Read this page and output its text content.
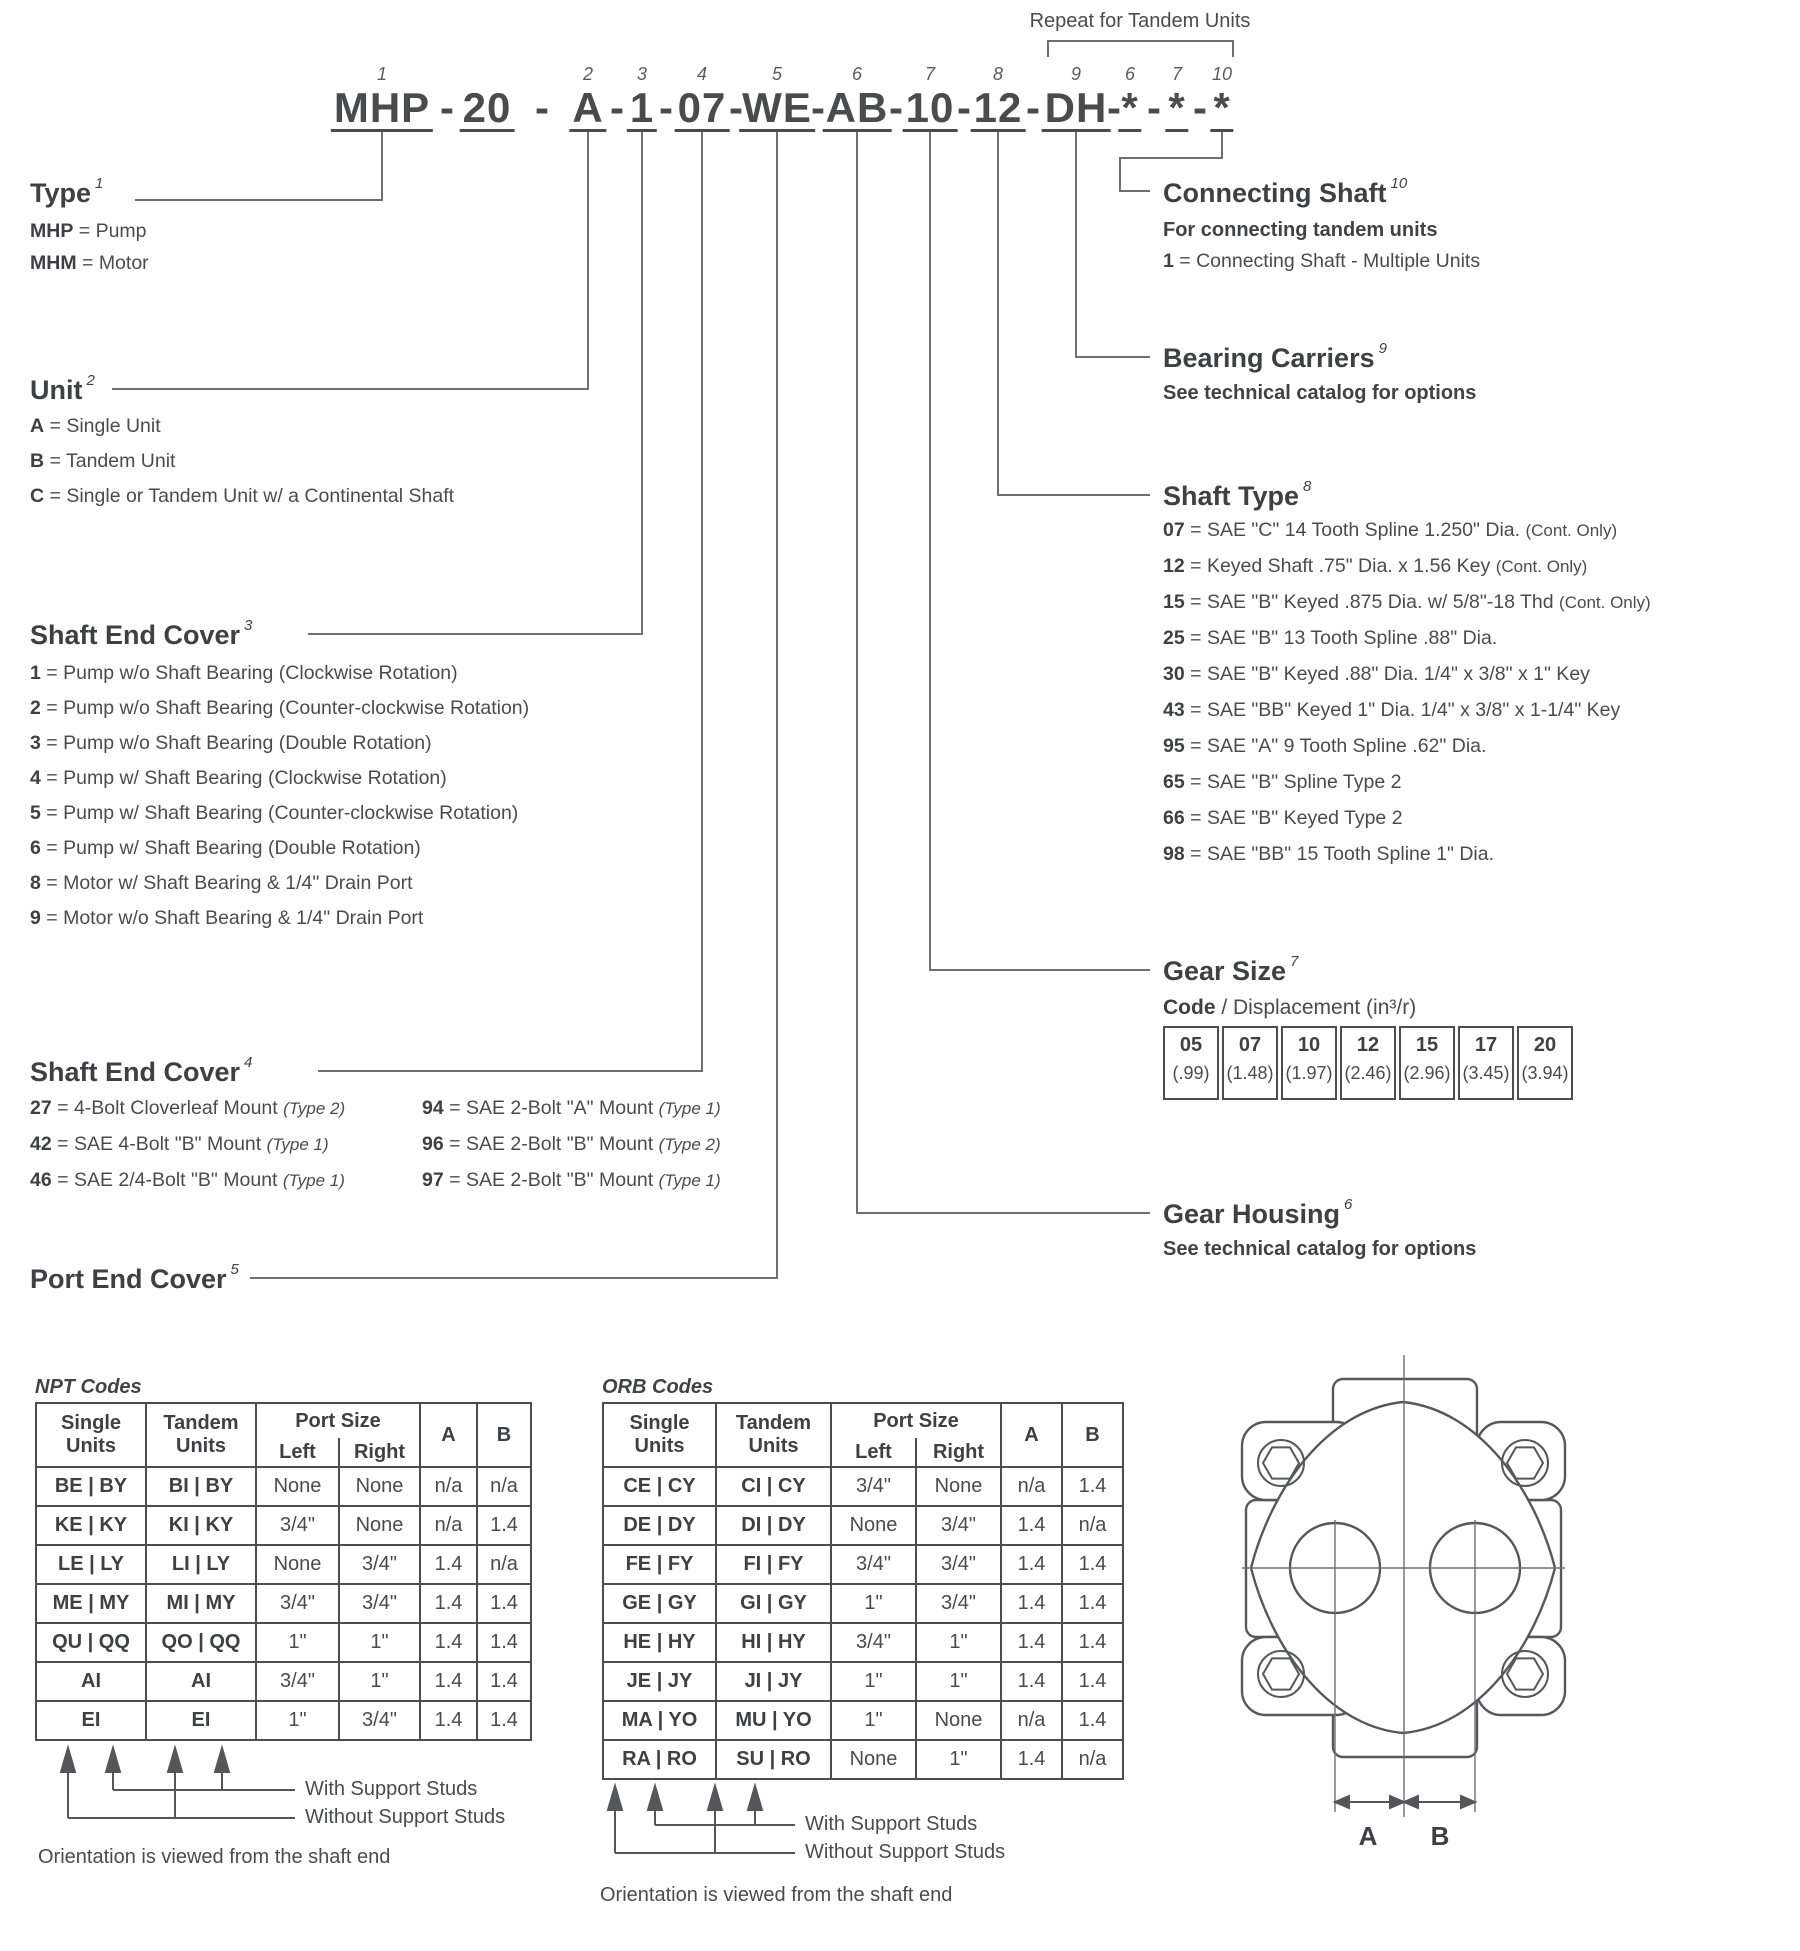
Repeat for Tandem Units
1
MHP 20
2
A
3
1
4
07
5
WE
6
AB
7
10
8
12
9
DH
6
*
7
*
10
*
- - - - - - - - - - - -
Type $^1$
MHP = Pump
MHM = Motor
Unit $^2$
A = Single Unit
B = Tandem Unit
C = Single or Tandem Unit w/ a Continental Shaft
Shaft End Cover $^3$
1 = Pump w/o Shaft Bearing (Clockwise Rotation)
2 = Pump w/o Shaft Bearing (Counter-clockwise Rotation)
3 = Pump w/o Shaft Bearing (Double Rotation)
4 = Pump w/ Shaft Bearing (Clockwise Rotation)
5 = Pump w/ Shaft Bearing (Counter-clockwise Rotation)
6 = Pump w/ Shaft Bearing (Double Rotation)
8 = Motor w/ Shaft Bearing & 1/4" Drain Port
9 = Motor w/o Shaft Bearing & 1/4" Drain Port
Shaft End Cover $^4$
27 = 4-Bolt Cloverleaf Mount (Type 2)	94 = SAE 2-Bolt "A" Mount (Type 1)
42 = SAE 4-Bolt "B" Mount (Type 1)	96 = SAE 2-Bolt "B" Mount (Type 2)
46 = SAE 2/4-Bolt "B" Mount (Type 1)	97 = SAE 2-Bolt "B" Mount (Type 1)
Port End Cover $^5$
Connecting Shaft $^{10}$
For connecting tandem units
1 = Connecting Shaft - Multiple Units
Bearing Carriers $^9$
See technical catalog for options
Shaft Type $^8$
07 = SAE "C" 14 Tooth Spline 1.250" Dia. (Cont. Only)
12 = Keyed Shaft .75" Dia. x 1.56 Key (Cont. Only)
15 = SAE "B" Keyed .875 Dia. w/ 5/8"-18 Thd (Cont. Only)
25 = SAE "B" 13 Tooth Spline .88" Dia.
30 = SAE "B" Keyed .88" Dia. 1/4" x 3/8" x 1" Key
43 = SAE "BB" Keyed 1" Dia. 1/4" x 3/8" x 1-1/4" Key
95 = SAE "A" 9 Tooth Spline .62" Dia.
65 = SAE "B" Spline Type 2
66 = SAE "B" Keyed Type 2
98 = SAE "BB" 15 Tooth Spline 1" Dia.
Gear Size $^7$
Code / Displacement (in³/r)
05
(.99)
07
(1.48)
10
(1.97)
12
(2.46)
15
(2.96)
17
(3.45)
20
(3.94)
Gear Housing $^6$
See technical catalog for options
NPT Codes
Single Units	Tandem Units	Port Size		A	B
		Left	Right		
BE | BY	BI | BY	None	None	n/a	n/a
KE | KY	KI | KY	3/4"	None	n/a	1.4
LE | LY	LI | LY	None	3/4"	1.4	n/a
ME | MY	MI | MY	3/4"	3/4"	1.4	1.4
QU | QQ	QO | QQ	1"	1"	1.4	1.4
AI	AI	3/4"	1"	1.4	1.4
EI	EI	1"	3/4"	1.4	1.4
With Support Studs
Without Support Studs
Orientation is viewed from the shaft end
ORB Codes
Single Units	Tandem Units	Port Size		A	B
		Left	Right		
CE | CY	CI | CY	3/4"	None	n/a	1.4
DE | DY	DI | DY	None	3/4"	1.4	n/a
FE | FY	FI | FY	3/4"	3/4"	1.4	1.4
GE | GY	GI | GY	1"	3/4"	1.4	1.4
HE | HY	HI | HY	3/4"	1"	1.4	1.4
JE | JY	JI | JY	1"	1"	1.4	1.4
MA | YO	MU | YO	1"	None	n/a	1.4
RA | RO	SU | RO	None	1"	1.4	n/a
With Support Studs
Without Support Studs
Orientation is viewed from the shaft end
A B
